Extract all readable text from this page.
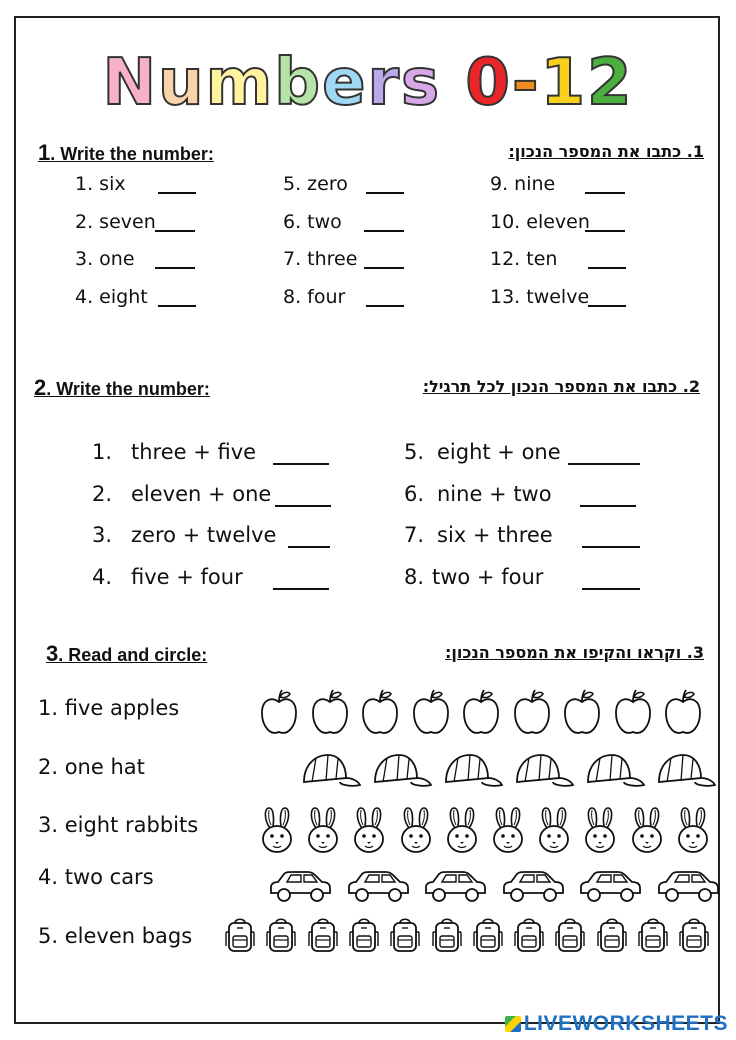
Numbers 0-12
1. Write the number:	1. כתבו את המספר הנכון:
2. Write the number:	2. כתבו את המספר הנכון לכל תרגיל:
3. Read and circle:	3. וקראו והקיפו את המספר הנכון:
1. six
2. seven
3. one
4. eight
5. zero
6. two
7. three
8. four
9. nine
10. eleven
12. ten
13. twelve
1. three + five
2. eleven + one
3. zero + twelve
4. five + four
5. eight + one
6. nine + two
7. six + three
8. two + four
1. five apples
2. one hat
3. eight rabbits
4. two cars
5. eleven bags
LIVEWORKSHEETS
